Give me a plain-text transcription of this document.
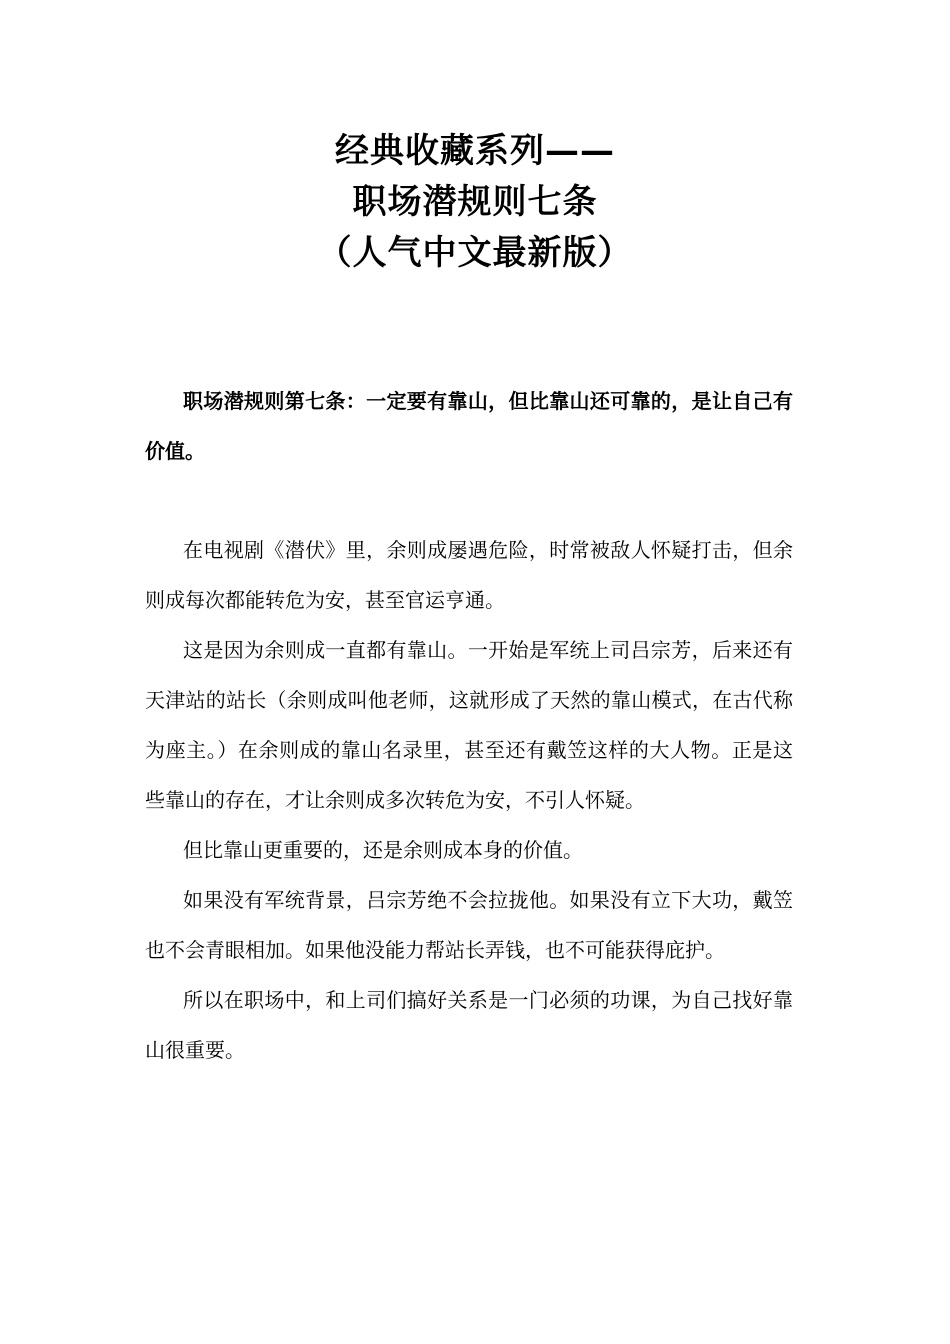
经典收藏系列——
职场潜规则七条
（人气中文最新版）

职场潜规则第七条：一定要有靠山，但比靠山还可靠的，是让自己有价值。

在电视剧《潜伏》里，余则成屡遇危险，时常被敌人怀疑打击，但余则成每次都能转危为安，甚至官运亨通。

这是因为余则成一直都有靠山。一开始是军统上司吕宗芳，后来还有天津站的站长（余则成叫他老师，这就形成了天然的靠山模式，在古代称为座主。）在余则成的靠山名录里，甚至还有戴笠这样的大人物。正是这些靠山的存在，才让余则成多次转危为安，不引人怀疑。

但比靠山更重要的，还是余则成本身的价值。

如果没有军统背景，吕宗芳绝不会拉拢他。如果没有立下大功，戴笠也不会青眼相加。如果他没能力帮站长弄钱，也不可能获得庇护。

所以在职场中，和上司们搞好关系是一门必须的功课，为自己找好靠山很重要。
